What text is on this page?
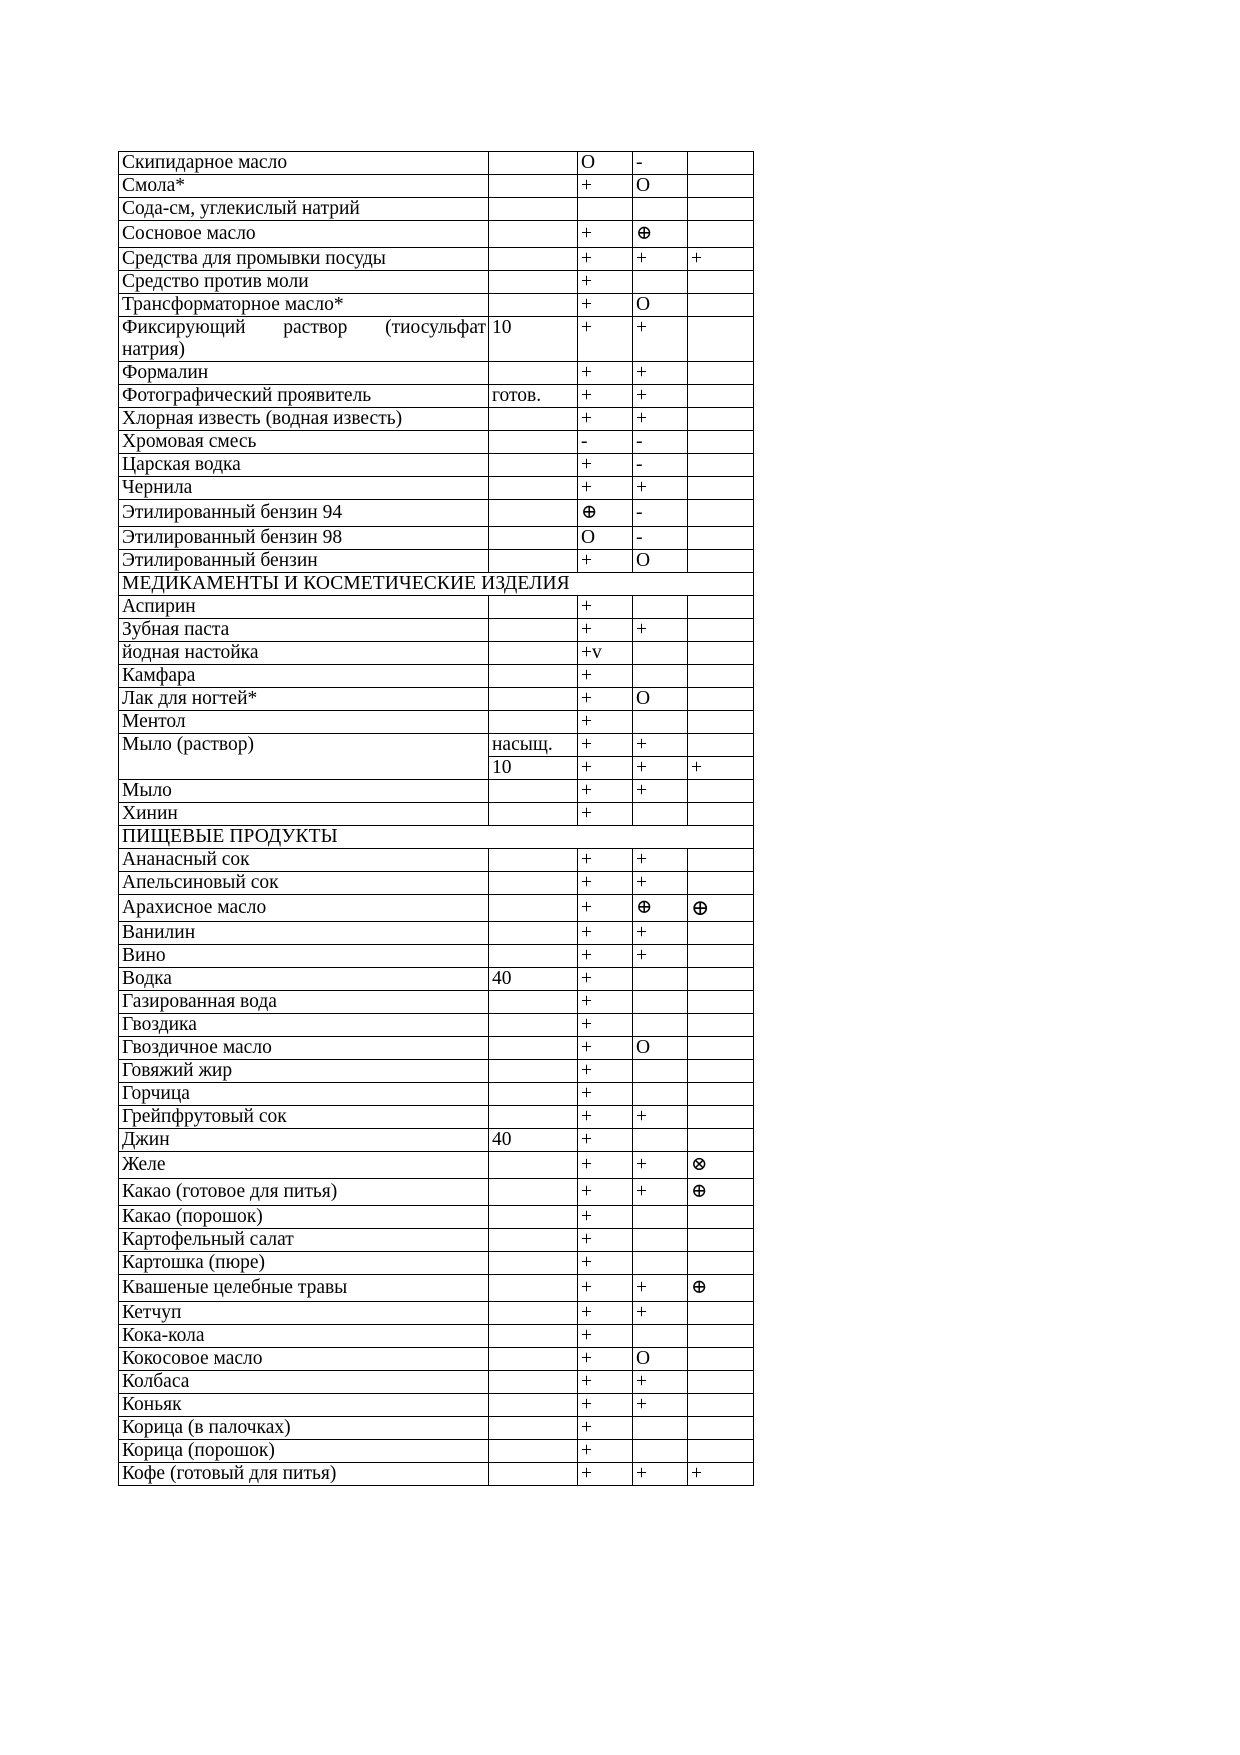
Скипидарное масло		O	-	
Смола*		+	O	
Сода-см, углекислый натрий				
Сосновое масло		+	⊕	
Средства для промывки посуды		+	+	+
Средство против моли		+		
Трансформаторное масло*		+	O	
Фиксирующий раствор (тиосульфат натрия)	10	+	+	
Формалин		+	+	
Фотографический проявитель	готов.	+	+	
Хлорная известь (водная известь)		+	+	
Хромовая смесь		-	-	
Царская водка		+	-	
Чернила		+	+	
Этилированный бензин 94		⊕	-	
Этилированный бензин 98		O	-	
Этилированный бензин		+	O	
МЕДИКАМЕНТЫ И КОСМЕТИЧЕСКИЕ ИЗДЕЛИЯ				
Аспирин		+		
Зубная паста		+	+	
йодная настойка		+v		
Камфара		+		
Лак для ногтей*		+	O	
Ментол		+		
Мыло (раствор)	насыщ.	+	+	
	10	+	+	+
Мыло		+	+	
Хинин		+		
ПИЩЕВЫЕ ПРОДУКТЫ				
Ананасный сок		+	+	
Апельсиновый сок		+	+	
Арахисное масло		+	⊕	⊕
Ванилин		+	+	
Вино		+	+	
Водка	40	+		
Газированная вода		+		
Гвоздика		+		
Гвоздичное масло		+	O	
Говяжий жир		+		
Горчица		+		
Грейпфрутовый сок		+	+	
Джин	40	+		
Желе		+	+	⊗
Какао (готовое для питья)		+	+	⊕
Какао (порошок)		+		
Картофельный салат		+		
Картошка (пюре)		+		
Квашеные целебные травы		+	+	⊕
Кетчуп		+	+	
Кока-кола		+		
Кокосовое масло		+	O	
Колбаса		+	+	
Коньяк		+	+	
Корица (в палочках)		+		
Корица (порошок)		+		
Кофе (готовый для питья)		+	+	+
